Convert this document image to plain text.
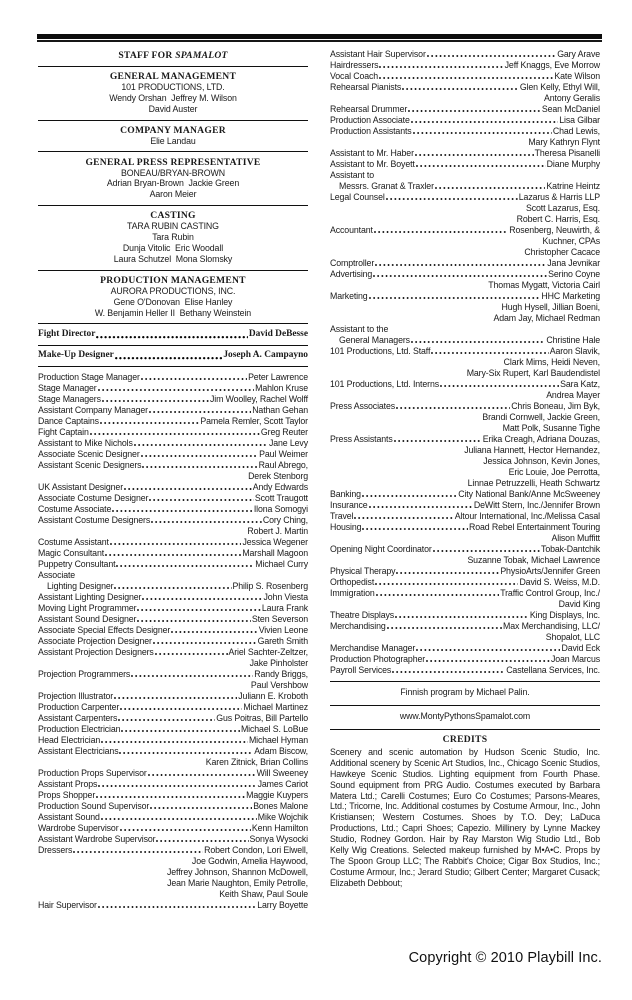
STAFF FOR SPAMALOT
GENERAL MANAGEMENT
101 PRODUCTIONS, LTD.
Wendy Orshan  Jeffrey M. Wilson
David Auster
COMPANY MANAGER
Elie Landau
GENERAL PRESS REPRESENTATIVE
BONEAU/BRYAN-BROWN
Adrian Bryan-Brown  Jackie Green
Aaron Meier
CASTING
TARA RUBIN CASTING
Tara Rubin
Dunja Vitolic  Eric Woodall
Laura Schutzel  Mona Slomsky
PRODUCTION MANAGEMENT
AURORA PRODUCTIONS, INC.
Gene O'Donovan  Elise Hanley
W. Benjamin Heller II  Bethany Weinstein
Fight Director	David DeBesse
Make-Up Designer	Joseph A. Campayno
Production Stage Manager	Peter Lawrence
Stage Manager	Mahlon Kruse
Stage Managers	Jim Woolley, Rachel Wolff
Assistant Company Manager	Nathan Gehan
Dance Captains	Pamela Remler, Scott Taylor
Fight Captain	Greg Reuter
Assistant to Mike Nichols	Jane Levy
Associate Scenic Designer	Paul Weimer
Assistant Scenic Designers	Raul Abrego,
Derek Stenborg
UK Assistant Designer	Andy Edwards
Associate Costume Designer	Scott Traugott
Costume Associate	Ilona Somogyi
Assistant Costume Designers	Cory Ching,
Robert J. Martin
Costume Assistant	Jessica Wegener
Magic Consultant	Marshall Magoon
Puppetry Consultant	Michael Curry
Associate
Lighting Designer	Philip S. Rosenberg
Assistant Lighting Designer	John Viesta
Moving Light Programmer	Laura Frank
Assistant Sound Designer	Sten Severson
Associate Special Effects Designer	Vivien Leone
Associate Projection Designer	Gareth Smith
Assistant Projection Designers	Ariel Sachter-Zeltzer,
Jake Pinholster
Projection Programmers	Randy Briggs,
Paul Vershbow
Projection Illustrator	Juliann E. Kroboth
Production Carpenter	Michael Martinez
Assistant Carpenters	Gus Poitras, Bill Partello
Production Electrician	Michael S. LoBue
Head Electrician	Michael Hyman
Assistant Electricians	Adam Biscow,
Karen Zitnick, Brian Collins
Production Props Supervisor	Will Sweeney
Assistant Props	James Cariot
Props Shopper	Maggie Kuypers
Production Sound Supervisor	Bones Malone
Assistant Sound	Mike Wojchik
Wardrobe Supervisor	Kenn Hamilton
Assistant Wardrobe Supervisor	Sonya Wysocki
Dressers	Robert Condon, Lori Elwell,
Joe Godwin, Amelia Haywood,
Jeffrey Johnson, Shannon McDowell,
Jean Marie Naughton, Emily Petrolle,
Keith Shaw, Paul Soule
Hair Supervisor	Larry Boyette
Assistant Hair Supervisor	Gary Arave
Hairdressers	Jeff Knaggs, Eve Morrow
Vocal Coach	Kate Wilson
Rehearsal Pianists	Glen Kelly, Ethyl Will,
Antony Geralis
Rehearsal Drummer	Sean McDaniel
Production Associate	Lisa Gilbar
Production Assistants	Chad Lewis,
Mary Kathryn Flynt
Assistant to Mr. Haber	Theresa Pisanelli
Assistant to Mr. Boyett	Diane Murphy
Assistant to
Messrs. Granat & Traxler	Katrine Heintz
Legal Counsel	Lazarus & Harris LLP
Scott Lazarus, Esq.
Robert C. Harris, Esq.
Accountant	Rosenberg, Neuwirth, &
Kuchner, CPAs
Christopher Cacace
Comptroller	Jana Jevnikar
Advertising	Serino Coyne
Thomas Mygatt, Victoria Cairl
Marketing	HHC Marketing
Hugh Hysell, Jillian Boeni,
Adam Jay, Michael Redman
Assistant to the
General Managers	Christine Hale
101 Productions, Ltd. Staff	Aaron Slavik,
Clark Mims, Heidi Neven,
Mary-Six Rupert, Karl Baudendistel
101 Productions, Ltd. Interns	Sara Katz,
Andrea Mayer
Press Associates	Chris Boneau, Jim Byk,
Brandi Cornwell, Jackie Green,
Matt Polk, Susanne Tighe
Press Assistants	Erika Creagh, Adriana Douzas,
Juliana Hannett, Hector Hernandez,
Jessica Johnson, Kevin Jones,
Eric Louie, Joe Perrotta,
Linnae Petruzzelli, Heath Schwartz
Banking	City National Bank/Anne McSweeney
Insurance	DeWitt Stern, Inc./Jennifer Brown
Travel	Altour International, Inc./Melissa Casal
Housing	Road Rebel Entertainment Touring
Alison Muffitt
Opening Night Coordinator	Tobak-Dantchik
Suzanne Tobak, Michael Lawrence
Physical Therapy	PhysioArts/Jennifer Green
Orthopedist	David S. Weiss, M.D.
Immigration	Traffic Control Group, Inc./
David King
Theatre Displays	King Displays, Inc.
Merchandising	Max Merchandising, LLC/
Shopalot, LLC
Merchandise Manager	David Eck
Production Photographer	Joan Marcus
Payroll Services	Castellana Services, Inc.
Finnish program by Michael Palin.
www.MontyPythonsSpamalot.com
CREDITS
Scenery and scenic automation by Hudson Scenic Studio, Inc. Additional scenery by Scenic Art Studios, Inc., Chicago Scenic Studios, Hawkeye Scenic Studios. Lighting equipment from Fourth Phase. Sound equipment from PRG Audio. Costumes executed by Barbara Matera Ltd.; Carelli Costumes; Euro Co Costumes; Parsons-Meares, Ltd.; Tricorne, Inc. Additional costumes by Costume Armour, Inc., John Kristiansen; Western Costumes. Shoes by T.O. Dey; LaDuca Productions, Ltd.; Capri Shoes; Capezio. Millinery by Lynne Mackey Studio, Rodney Gordon. Hair by Ray Marston Wig Studio Ltd., Bob Kelly Wig Creations. Selected makeup furnished by M•A•C. Props by The Spoon Group LLC; The Rabbit's Choice; Cigar Box Studios, Inc.; Costume Armour, Inc.; Jerard Studio; Gilbert Center; Margaret Cusack; Elizabeth Debbout;
Copyright © 2010 Playbill Inc.
